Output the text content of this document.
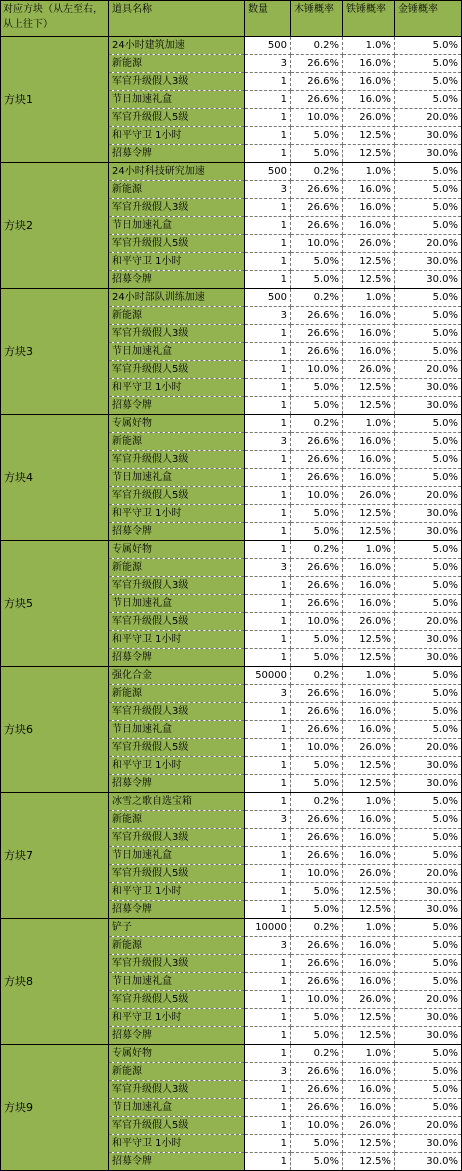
对应方块（从左至右，从上往下）	道具名称	数量	木锤概率	铁锤概率	金锤概率
方块1	24小时建筑加速	500	0.2%	1.0%	5.0%
	新能源	3	26.6%	16.0%	5.0%
	军官升级假人3级	1	26.6%	16.0%	5.0%
	节日加速礼盒	1	26.6%	16.0%	5.0%
	军官升级假人5级	1	10.0%	26.0%	20.0%
	和平守卫 1小时	1	5.0%	12.5%	30.0%
	招募令牌	1	5.0%	12.5%	30.0%
方块2	24小时科技研究加速	500	0.2%	1.0%	5.0%
	新能源	3	26.6%	16.0%	5.0%
	军官升级假人3级	1	26.6%	16.0%	5.0%
	节日加速礼盒	1	26.6%	16.0%	5.0%
	军官升级假人5级	1	10.0%	26.0%	20.0%
	和平守卫 1小时	1	5.0%	12.5%	30.0%
	招募令牌	1	5.0%	12.5%	30.0%
方块3	24小时部队训练加速	500	0.2%	1.0%	5.0%
	新能源	3	26.6%	16.0%	5.0%
	军官升级假人3级	1	26.6%	16.0%	5.0%
	节日加速礼盒	1	26.6%	16.0%	5.0%
	军官升级假人5级	1	10.0%	26.0%	20.0%
	和平守卫 1小时	1	5.0%	12.5%	30.0%
	招募令牌	1	5.0%	12.5%	30.0%
方块4	专属好物	1	0.2%	1.0%	5.0%
	新能源	3	26.6%	16.0%	5.0%
	军官升级假人3级	1	26.6%	16.0%	5.0%
	节日加速礼盒	1	26.6%	16.0%	5.0%
	军官升级假人5级	1	10.0%	26.0%	20.0%
	和平守卫 1小时	1	5.0%	12.5%	30.0%
	招募令牌	1	5.0%	12.5%	30.0%
方块5	专属好物	1	0.2%	1.0%	5.0%
	新能源	3	26.6%	16.0%	5.0%
	军官升级假人3级	1	26.6%	16.0%	5.0%
	节日加速礼盒	1	26.6%	16.0%	5.0%
	军官升级假人5级	1	10.0%	26.0%	20.0%
	和平守卫 1小时	1	5.0%	12.5%	30.0%
	招募令牌	1	5.0%	12.5%	30.0%
方块6	强化合金	50000	0.2%	1.0%	5.0%
	新能源	3	26.6%	16.0%	5.0%
	军官升级假人3级	1	26.6%	16.0%	5.0%
	节日加速礼盒	1	26.6%	16.0%	5.0%
	军官升级假人5级	1	10.0%	26.0%	20.0%
	和平守卫 1小时	1	5.0%	12.5%	30.0%
	招募令牌	1	5.0%	12.5%	30.0%
方块7	冰雪之歌自选宝箱	1	0.2%	1.0%	5.0%
	新能源	3	26.6%	16.0%	5.0%
	军官升级假人3级	1	26.6%	16.0%	5.0%
	节日加速礼盒	1	26.6%	16.0%	5.0%
	军官升级假人5级	1	10.0%	26.0%	20.0%
	和平守卫 1小时	1	5.0%	12.5%	30.0%
	招募令牌	1	5.0%	12.5%	30.0%
方块8	铲子	10000	0.2%	1.0%	5.0%
	新能源	3	26.6%	16.0%	5.0%
	军官升级假人3级	1	26.6%	16.0%	5.0%
	节日加速礼盒	1	26.6%	16.0%	5.0%
	军官升级假人5级	1	10.0%	26.0%	20.0%
	和平守卫 1小时	1	5.0%	12.5%	30.0%
	招募令牌	1	5.0%	12.5%	30.0%
方块9	专属好物	1	0.2%	1.0%	5.0%
	新能源	3	26.6%	16.0%	5.0%
	军官升级假人3级	1	26.6%	16.0%	5.0%
	节日加速礼盒	1	26.6%	16.0%	5.0%
	军官升级假人5级	1	10.0%	26.0%	20.0%
	和平守卫 1小时	1	5.0%	12.5%	30.0%
	招募令牌	1	5.0%	12.5%	30.0%
